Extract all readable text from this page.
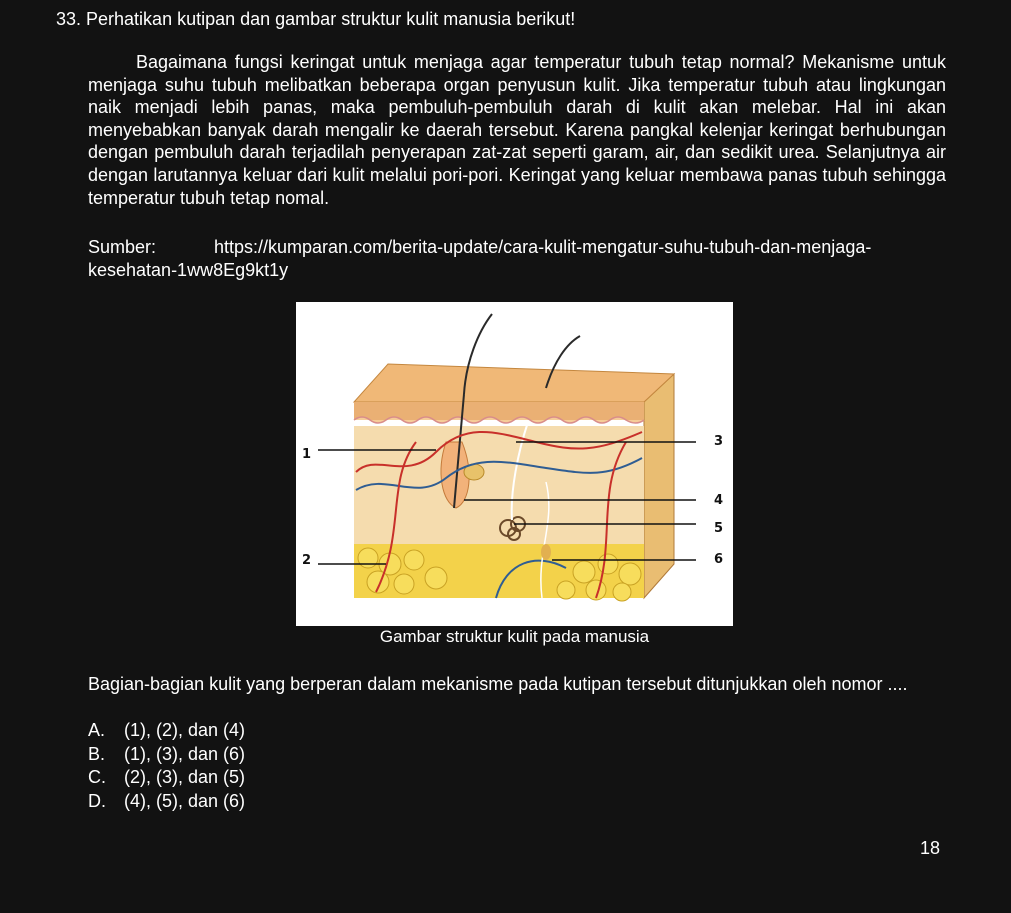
33. Perhatikan kutipan dan gambar struktur kulit manusia berikut!
Bagaimana fungsi keringat untuk menjaga agar temperatur tubuh tetap normal? Mekanisme untuk menjaga suhu tubuh melibatkan beberapa organ penyusun kulit. Jika temperatur tubuh atau lingkungan naik menjadi lebih panas, maka pembuluh-pembuluh darah di kulit akan melebar. Hal ini akan menyebabkan banyak darah mengalir ke daerah tersebut. Karena pangkal kelenjar keringat berhubungan dengan pembuluh darah terjadilah penyerapan zat-zat seperti garam, air, dan sedikit urea. Selanjutnya air dengan larutannya keluar dari kulit melalui pori-pori. Keringat yang keluar membawa panas tubuh sehingga temperatur tubuh tetap nomal.
Sumber:	https://kumparan.com/berita-update/cara-kulit-mengatur-suhu-tubuh-dan-menjaga-kesehatan-1ww8Eg9kt1y
1
2
3
4
5
6
Gambar struktur kulit pada manusia
Bagian-bagian kulit yang berperan dalam mekanisme pada kutipan tersebut ditunjukkan oleh nomor ....
A.	(1), (2), dan (4)
B.	(1), (3), dan (6)
C.	(2), (3), dan (5)
D.	(4), (5), dan (6)
18
